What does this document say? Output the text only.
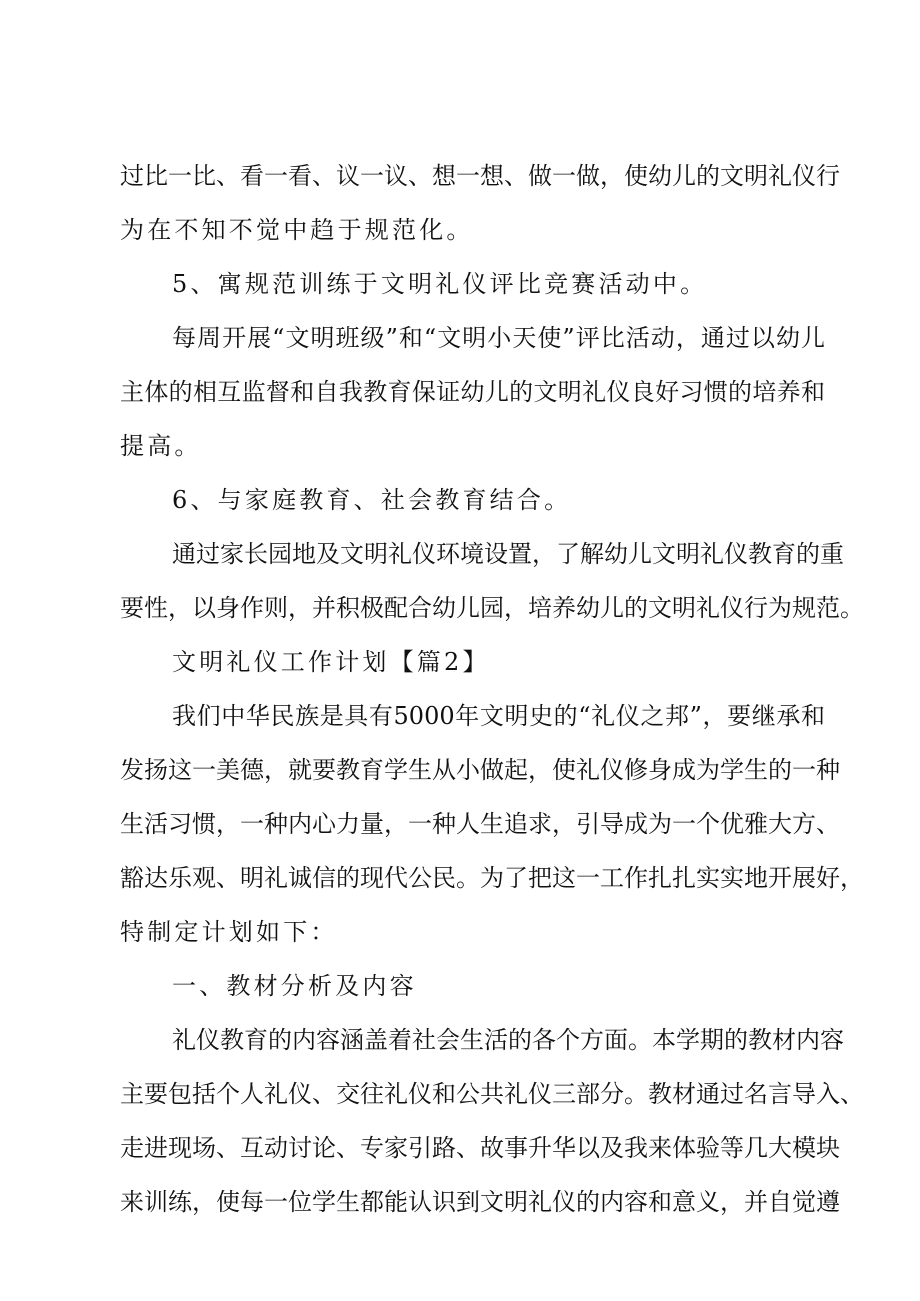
过比一比、看一看、议一议、想一想、做一做，使幼儿的文明礼仪行
为在不知不觉中趋于规范化。
5、寓规范训练于文明礼仪评比竞赛活动中。
每周开展“文明班级”和“文明小天使”评比活动，通过以幼儿
主体的相互监督和自我教育保证幼儿的文明礼仪良好习惯的培养和
提高。
6、与家庭教育、社会教育结合。
通过家长园地及文明礼仪环境设置，了解幼儿文明礼仪教育的重
要性，以身作则，并积极配合幼儿园，培养幼儿的文明礼仪行为规范。
文明礼仪工作计划【篇2】
我们中华民族是具有5000年文明史的“礼仪之邦”，要继承和
发扬这一美德，就要教育学生从小做起，使礼仪修身成为学生的一种
生活习惯，一种内心力量，一种人生追求，引导成为一个优雅大方、
豁达乐观、明礼诚信的现代公民。为了把这一工作扎扎实实地开展好，
特制定计划如下：
一、教材分析及内容
礼仪教育的内容涵盖着社会生活的各个方面。本学期的教材内容
主要包括个人礼仪、交往礼仪和公共礼仪三部分。教材通过名言导入、
走进现场、互动讨论、专家引路、故事升华以及我来体验等几大模块
来训练，使每一位学生都能认识到文明礼仪的内容和意义，并自觉遵
